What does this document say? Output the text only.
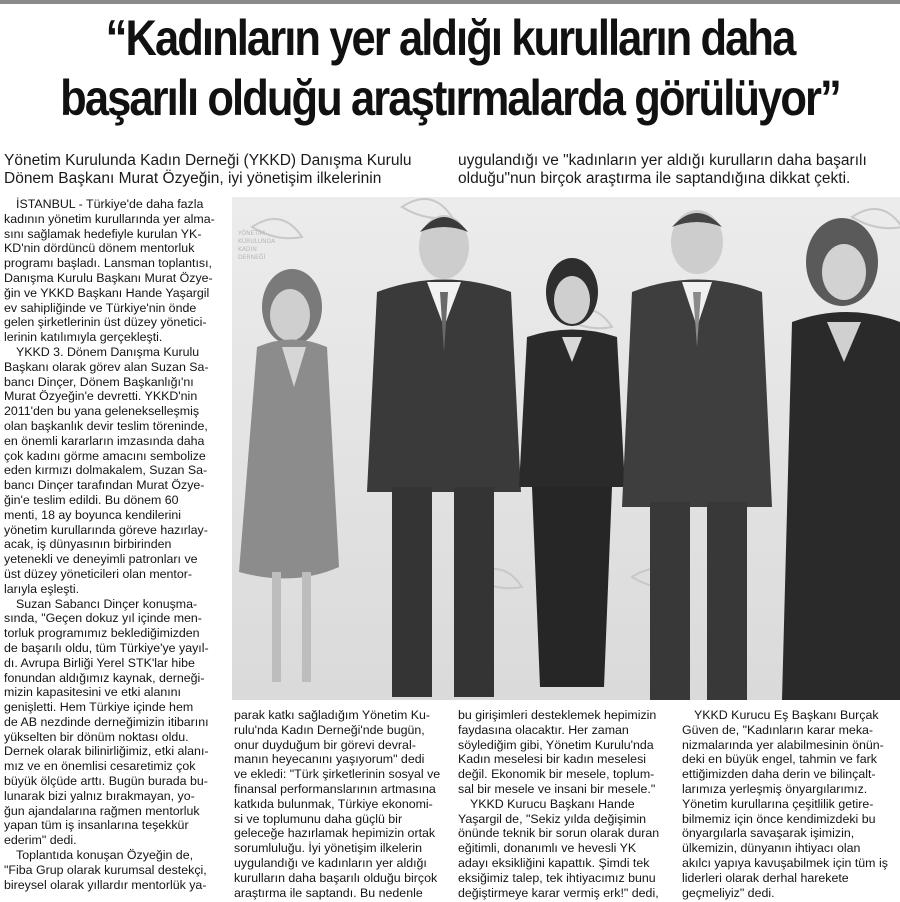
“Kadınların yer aldığı kurulların daha
başarılı olduğu araştırmalarda görülüyor”

Yönetim Kurulunda Kadın Derneği (YKKD) Danışma Kurulu
Dönem Başkanı Murat Özyeğin, iyi yönetişim ilkelerinin

uygulandığı ve "kadınların yer aldığı kurulların daha başarılı
olduğu"nun birçok araştırma ile saptandığına dikkat çekti.

YÖNETİM
KURULUNDA
KADIN
DERNEĞİ
İSTANBUL - Türkiye'de daha fazla
kadının yönetim kurullarında yer alma-
sını sağlamak hedefiyle kurulan YK-
KD'nin dördüncü dönem mentorluk
programı başladı. Lansman toplantısı,
Danışma Kurulu Başkanı Murat Özye-
ğin ve YKKD Başkanı Hande Yaşargil
ev sahipliğinde ve Türkiye'nin önde
gelen şirketlerinin üst düzey yönetici-
lerinin katılımıyla gerçekleşti.
YKKD 3. Dönem Danışma Kurulu
Başkanı olarak görev alan Suzan Sa-
bancı Dinçer, Dönem Başkanlığı'nı
Murat Özyeğin'e devretti. YKKD'nin
2011'den bu yana gelenekselleşmiş
olan başkanlık devir teslim töreninde,
en önemli kararların imzasında daha
çok kadını görme amacını sembolize
eden kırmızı dolmakalem, Suzan Sa-
bancı Dinçer tarafından Murat Özye-
ğin'e teslim edildi. Bu dönem 60
menti, 18 ay boyunca kendilerini
yönetim kurullarında göreve hazırlay-
acak, iş dünyasının birbirinden
yetenekli ve deneyimli patronları ve
üst düzey yöneticileri olan mentor-
larıyla eşleşti.
Suzan Sabancı Dinçer konuşma-
sında, "Geçen dokuz yıl içinde men-
torluk programımız beklediğimizden
de başarılı oldu, tüm Türkiye'ye yayıl-
dı. Avrupa Birliği Yerel STK'lar hibe
fonundan aldığımız kaynak, derneği-
mizin kapasitesini ve etki alanını
genişletti. Hem Türkiye içinde hem
de AB nezdinde derneğimizin itibarını
yükselten bir dönüm noktası oldu.
Dernek olarak bilinirliğimiz, etki alanı-
mız ve en önemlisi cesaretimiz çok
büyük ölçüde arttı. Bugün burada bu-
lunarak bizi yalnız bırakmayan, yo-
ğun ajandalarına rağmen mentorluk
yapan tüm iş insanlarına teşekkür
ederim" dedi.
Toplantıda konuşan Özyeğin de,
"Fiba Grup olarak kurumsal destekçi,
bireysel olarak yıllardır mentorlük ya-
parak katkı sağladığım Yönetim Ku-
rulu'nda Kadın Derneği'nde bugün,
onur duyduğum bir görevi devral-
manın heyecanını yaşıyorum" dedi
ve ekledi: "Türk şirketlerinin sosyal ve
finansal performanslarının artmasına
katkıda bulunmak, Türkiye ekonomi-
si ve toplumunu daha güçlü bir
geleceğe hazırlamak hepimizin ortak
sorumluluğu. İyi yönetişim ilkelerin
uygulandığı ve kadınların yer aldığı
kurulların daha başarılı olduğu birçok
araştırma ile saptandı. Bu nedenle
bu girişimleri desteklemek hepimizin
faydasına olacaktır. Her zaman
söylediğim gibi, Yönetim Kurulu'nda
Kadın meselesi bir kadın meselesi
değil. Ekonomik bir mesele, toplum-
sal bir mesele ve insani bir mesele."
YKKD Kurucu Başkanı Hande
Yaşargil de, "Sekiz yılda değişimin
önünde teknik bir sorun olarak duran
eğitimli, donanımlı ve hevesli YK
adayı eksikliğini kapattık. Şimdi tek
eksiğimiz talep, tek ihtiyacımız bunu
değiştirmeye karar vermiş erk!" dedi,
YKKD Kurucu Eş Başkanı Burçak
Güven de, "Kadınların karar meka-
nizmalarında yer alabilmesinin önün-
deki en büyük engel, tahmin ve fark
ettiğimizden daha derin ve bilinçalt-
larımıza yerleşmiş önyargılarımız.
Yönetim kurullarına çeşitlilik getire-
bilmemiz için önce kendimizdeki bu
önyargılarla savaşarak işimizin,
ülkemizin, dünyanın ihtiyacı olan
akılcı yapıya kavuşabilmek için tüm iş
liderleri olarak derhal harekete
geçmeliyiz" dedi.
